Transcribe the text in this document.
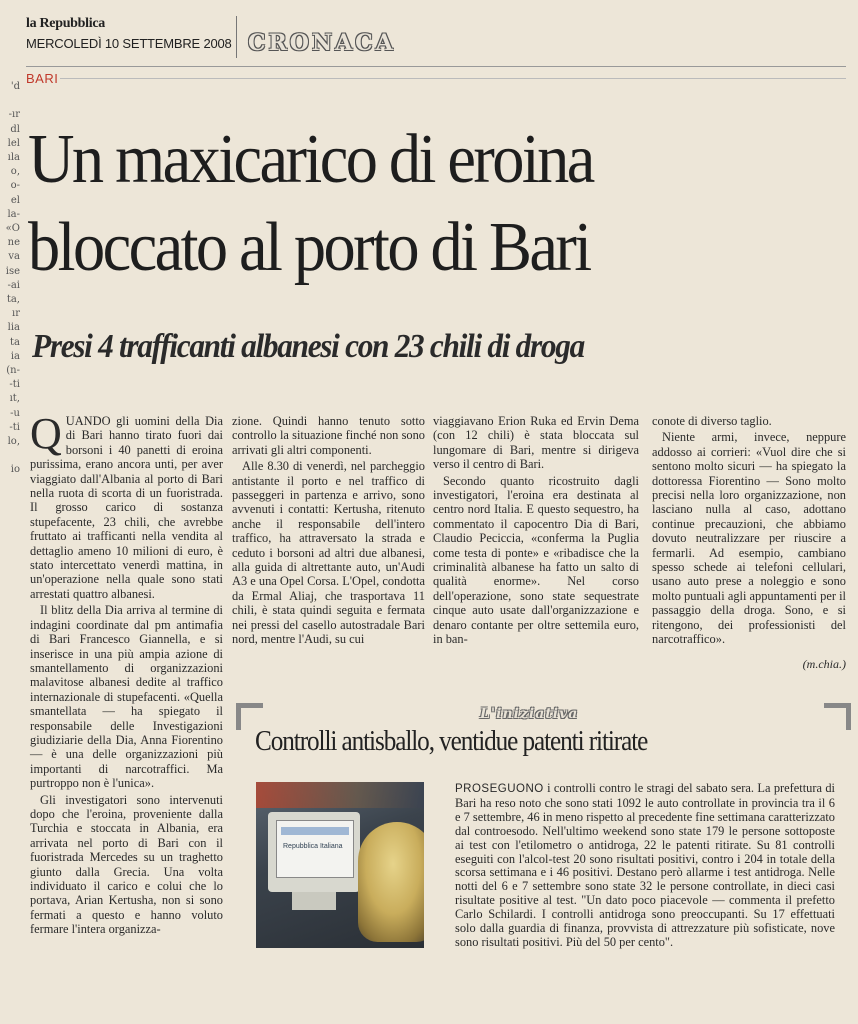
la Repubblica
MERCOLEDÌ 10 SETTEMBRE 2008 CRONACA
BARI
'd

-ır
dl
lel
ıla
o,
o-
el
la-
«O
ne
va
ise
-ai
ta,
ır
lia
ta
ia
(n-
-ti
ıt,
-u
-ti
lo,

io
Un maxicarico di eroina
bloccato al porto di Bari
Presi 4 trafficanti albanesi con 23 chili di droga

QUANDO gli uomini della Dia di Bari hanno tirato fuori dai borsoni i 40 panetti di eroina purissima, erano ancora unti, per aver viaggiato dall'Albania al porto di Bari nella ruota di scorta di un fuoristrada. Il grosso carico di sostanza stupefacente, 23 chili, che avrebbe fruttato ai trafficanti nella vendita al dettaglio ameno 10 milioni di euro, è stato intercettato venerdì mattina, in un'operazione nella quale sono stati arrestati quattro albanesi.

Il blitz della Dia arriva al termine di indagini coordinate dal pm antimafia di Bari Francesco Giannella, e si inserisce in una più ampia azione di smantellamento di organizzazioni malavitose albanesi dedite al traffico internazionale di stupefacenti. «Quella smantellata — ha spiegato il responsabile delle Investigazioni giudiziarie della Dia, Anna Fiorentino — è una delle organizzazioni più importanti di narcotraffici. Ma purtroppo non è l'unica».

Gli investigatori sono intervenuti dopo che l'eroina, proveniente dalla Turchia e stoccata in Albania, era arrivata nel porto di Bari con il fuoristrada Mercedes su un traghetto giunto dalla Grecia. Una volta individuato il carico e colui che lo portava, Arian Kertusha, non si sono fermati a questo e hanno voluto fermare l'intera organizza-

zione. Quindi hanno tenuto sotto controllo la situazione finché non sono arrivati gli altri componenti.

Alle 8.30 di venerdì, nel parcheggio antistante il porto e nel traffico di passeggeri in partenza e arrivo, sono avvenuti i contatti: Kertusha, ritenuto anche il responsabile dell'intero traffico, ha attraversato la strada e ceduto i borsoni ad altri due albanesi, alla guida di altrettante auto, un'Audi A3 e una Opel Corsa. L'Opel, condotta da Ermal Aliaj, che trasportava 11 chili, è stata quindi seguita e fermata nei pressi del casello autostradale Bari nord, mentre l'Audi, su cui

viaggiavano Erion Ruka ed Ervin Dema (con 12 chili) è stata bloccata sul lungomare di Bari, mentre si dirigeva verso il centro di Bari.

Secondo quanto ricostruito dagli investigatori, l'eroina era destinata al centro nord Italia. E questo sequestro, ha commentato il capocentro Dia di Bari, Claudio Peciccia, «conferma la Puglia come testa di ponte» e «ribadisce che la criminalità albanese ha fatto un salto di qualità enorme». Nel corso dell'operazione, sono state sequestrate cinque auto usate dall'organizzazione e denaro contante per oltre settemila euro, in ban-

conote di diverso taglio.

Niente armi, invece, neppure addosso ai corrieri: «Vuol dire che si sentono molto sicuri — ha spiegato la dottoressa Fiorentino — Sono molto precisi nella loro organizzazione, non lasciano nulla al caso, adottano continue precauzioni, che abbiamo dovuto neutralizzare per riuscire a fermarli. Ad esempio, cambiano spesso schede ai telefoni cellulari, usano auto prese a noleggio e sono molto puntuali agli appuntamenti per il passaggio della droga. Sono, e si ritengono, dei professionisti del narcotraffico».

(m.chia.)
L'iniziativa
Controlli antisballo, ventidue patenti ritirate
Repubblica Italiana
PROSEGUONO i controlli contro le stragi del sabato sera. La prefettura di Bari ha reso noto che sono stati 1092 le auto controllate in provincia tra il 6 e 7 settembre, 46 in meno rispetto al precedente fine settimana caratterizzato dal controesodo. Nell'ultimo weekend sono state 179 le persone sottoposte ai test con l'etilometro o antidroga, 22 le patenti ritirate. Su 81 controlli eseguiti con l'alcol-test 20 sono risultati positivi, contro i 204 in totale della scorsa settimana e i 46 positivi. Destano però allarme i test antidroga. Nelle notti del 6 e 7 settembre sono state 32 le persone controllate, in dieci casi risultate positive al test. "Un dato poco piacevole — commenta il prefetto Carlo Schilardi. I controlli antidroga sono preoccupanti. Su 17 effettuati solo dalla guardia di finanza, provvista di attrezzature più sofisticate, nove sono risultati positivi. Più del 50 per cento".
